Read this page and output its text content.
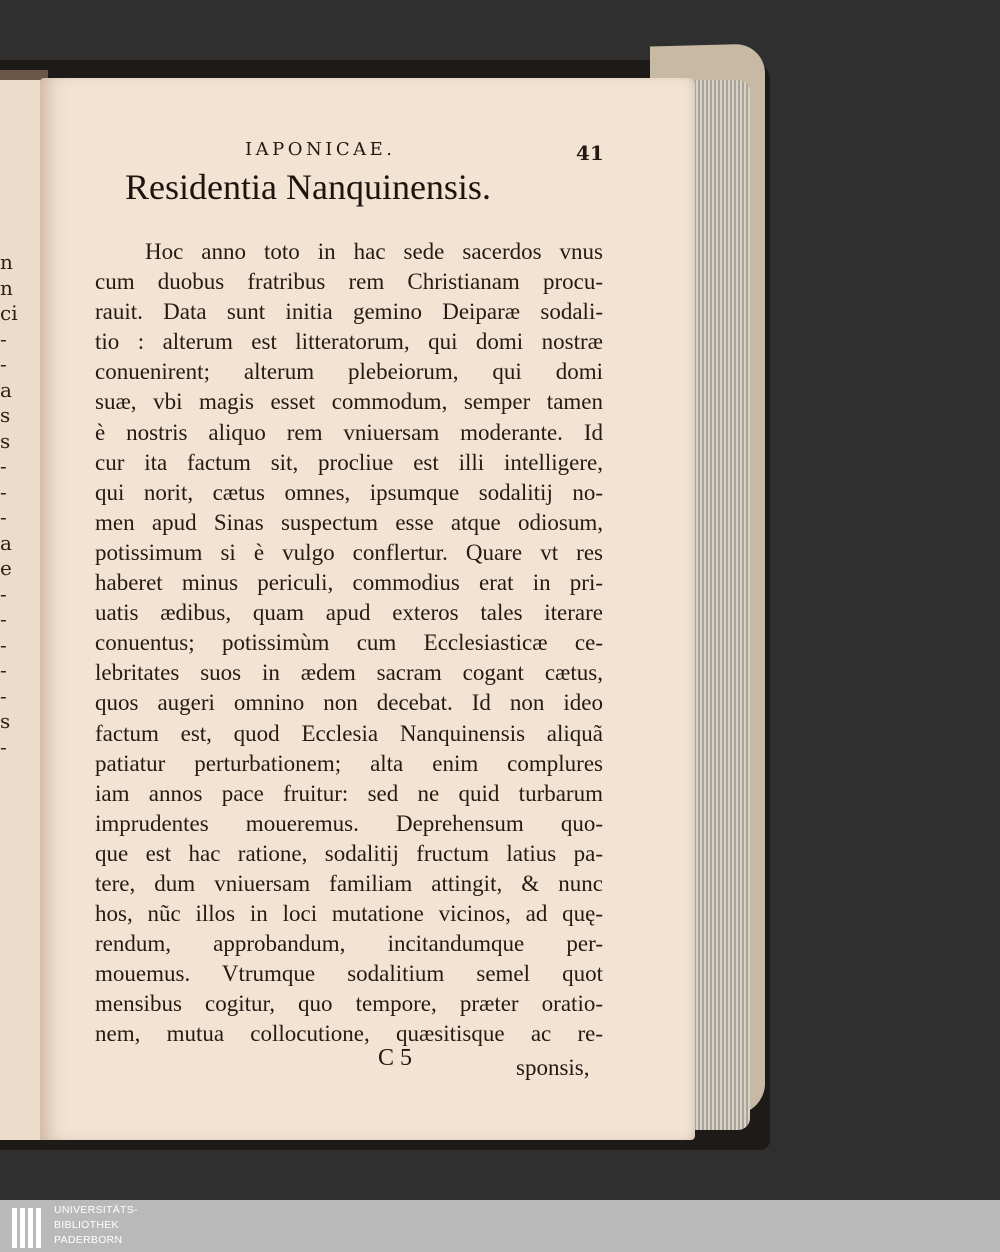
n
n
ci
-
-
a
s
s
-
-
-
a
e
-
-
-
-
-
s
-
IAPONICAE.	41
Residentia Nanquinensis.
Hoc anno toto in hac sede sacerdos vnus
cum duobus fratribus rem Christianam procu-
rauit. Data sunt initia gemino Deiparæ sodali-
tio : alterum est litteratorum, qui domi nostræ
conuenirent; alterum plebeiorum, qui domi
suæ, vbi magis esset commodum, semper tamen
è nostris aliquo rem vniuersam moderante. Id
cur ita factum sit, procliue est illi intelligere,
qui norit, cætus omnes, ipsumque sodalitij no-
men apud Sinas suspectum esse atque odiosum,
potissimum si è vulgo conflertur. Quare vt res
haberet minus periculi, commodius erat in pri-
uatis ædibus, quam apud exteros tales iterare
conuentus; potissimùm cum Ecclesiasticæ ce-
lebritates suos in ædem sacram cogant cætus,
quos augeri omnino non decebat. Id non ideo
factum est, quod Ecclesia Nanquinensis aliquã
patiatur perturbationem; alta enim complures
iam annos pace fruitur: sed ne quid turbarum
imprudentes moueremus. Deprehensum quo-
que est hac ratione, sodalitij fructum latius pa-
tere, dum vniuersam familiam attingit, & nunc
hos, nũc illos in loci mutatione vicinos, ad quę-
rendum, approbandum, incitandumque per-
mouemus. Vtrumque sodalitium semel quot
mensibus cogitur, quo tempore, præter oratio-
nem, mutua collocutione, quæsitisque ac re-
C 5	sponsis,
UNIVERSITÄTS-
BIBLIOTHEK
PADERBORN
